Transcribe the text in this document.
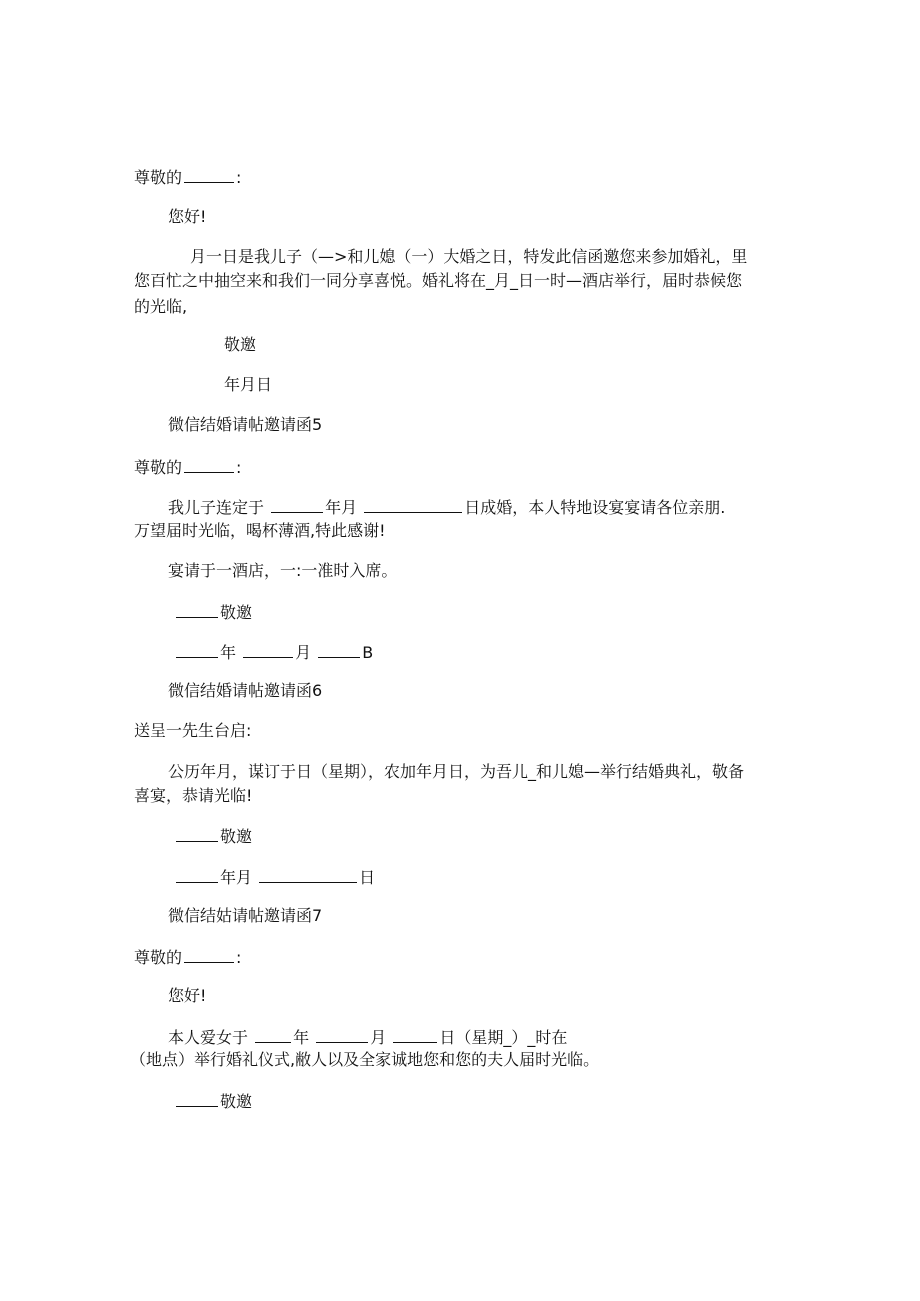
尊敬的	:
您好!
月一日是我儿子（—>和儿媳（一）大婚之日，特发此信函邀您来参加婚礼，里
您百忙之中抽空来和我们一同分享喜悦。婚礼将在_月_日一时—酒店举行，届时恭候您
的光临,
敬邀
年月日
微信结婚请帖邀请函5
尊敬的	:
我儿子连定于	年月	日成婚，本人特地设宴宴请各位亲朋.
万望届时光临，喝杯薄酒,特此感谢!
宴请于一酒店，一:一准时入席。
敬邀
年	月	B
微信结婚请帖邀请函6
送呈一先生台启:
公历年月，谋订于日（星期），农加年月日，为吾儿_和儿媳—举行结婚典礼，敬备
喜宴，恭请光临!
敬邀
年月	日
微信结姑请帖邀请函7
尊敬的	:
您好!
本人爱女于	年	月	日（星期_）_时在
（地点）举行婚礼仪式,敝人以及全家诚地您和您的夫人届时光临。
敬邀
